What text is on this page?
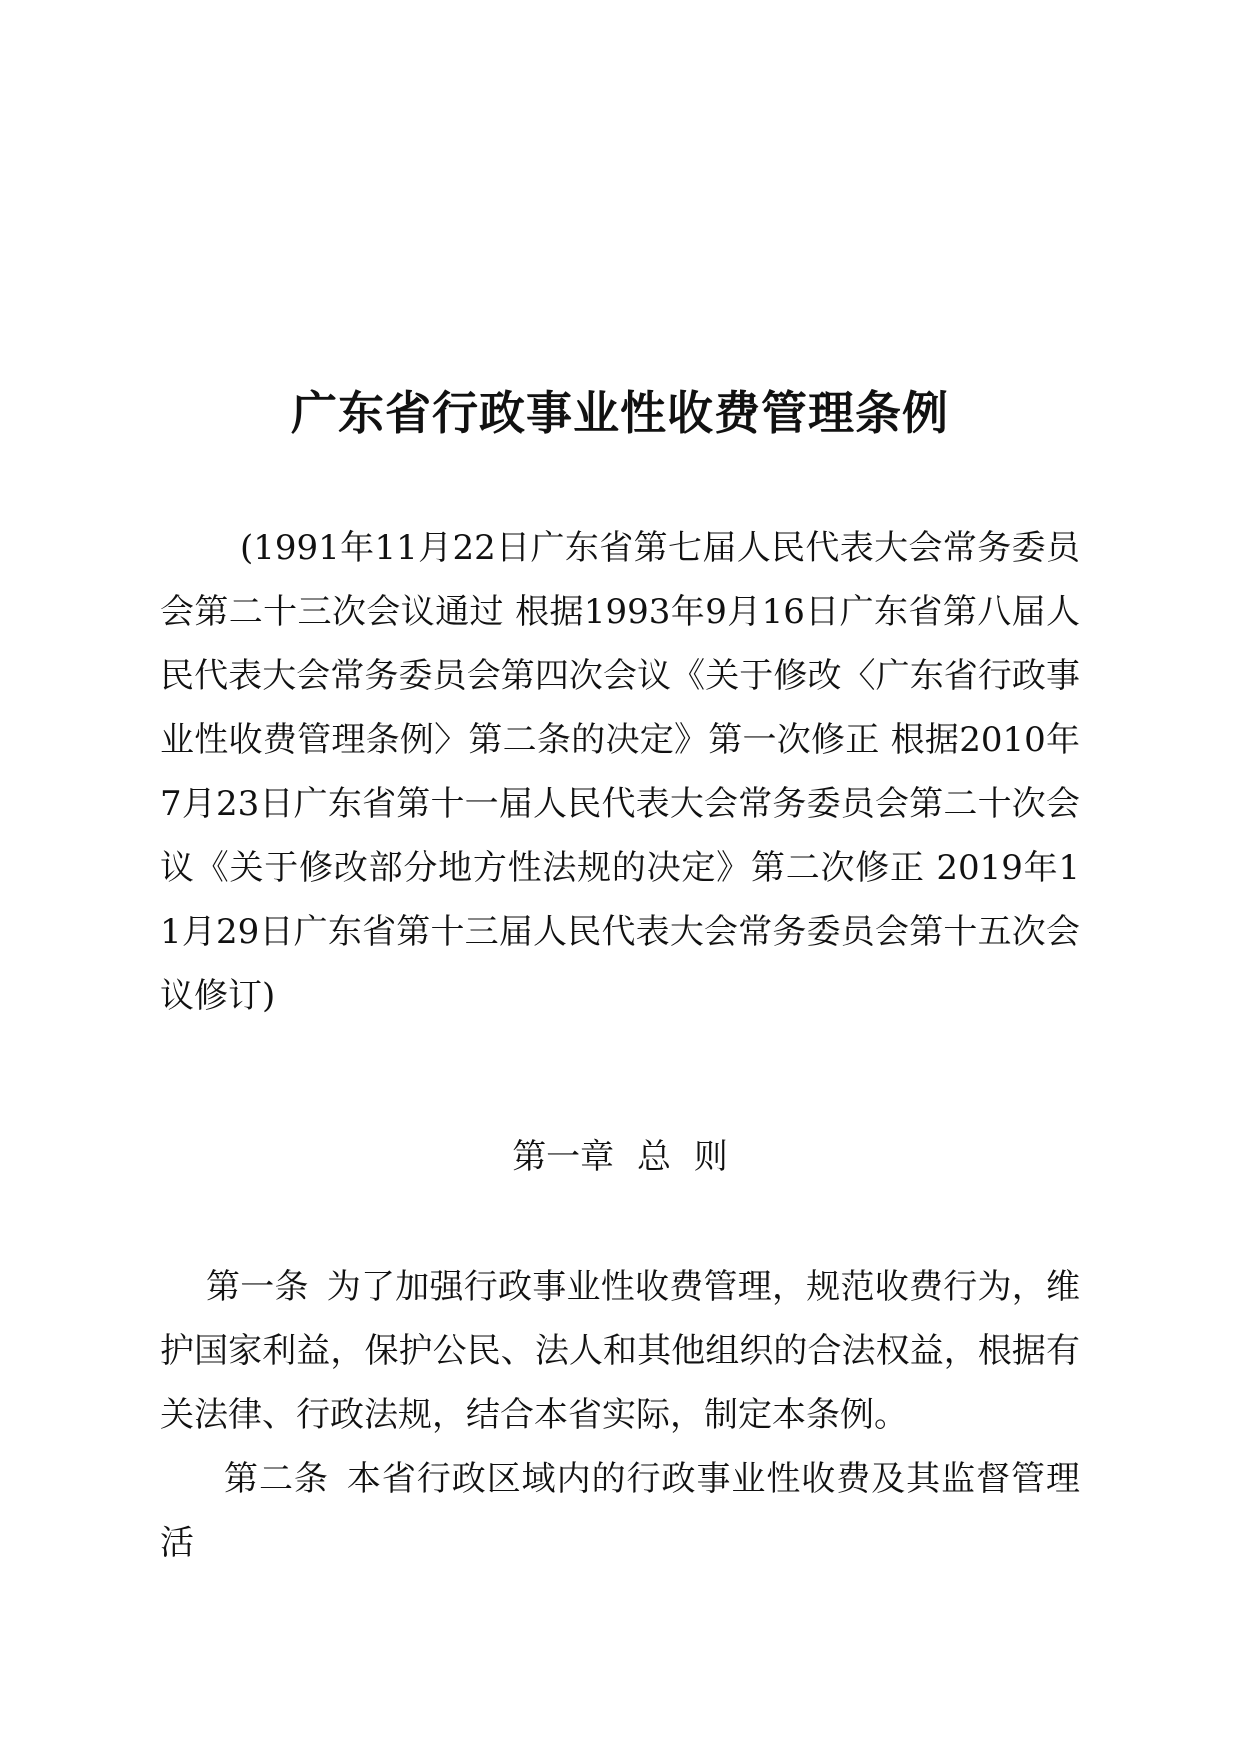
广东省行政事业性收费管理条例

(1991年11月22日广东省第七届人民代表大会常务委员会第二十三次会议通过 根据1993年9月16日广东省第八届人民代表大会常务委员会第四次会议《关于修改〈广东省行政事业性收费管理条例〉第二条的决定》第一次修正 根据2010年7月23日广东省第十一届人民代表大会常务委员会第二十次会议《关于修改部分地方性法规的决定》第二次修正 2019年11月29日广东省第十三届人民代表大会常务委员会第十五次会议修订)

第一章 总 则

第一条 为了加强行政事业性收费管理，规范收费行为，维护国家利益，保护公民、法人和其他组织的合法权益，根据有关法律、行政法规，结合本省实际，制定本条例。

第二条 本省行政区域内的行政事业性收费及其监督管理活
